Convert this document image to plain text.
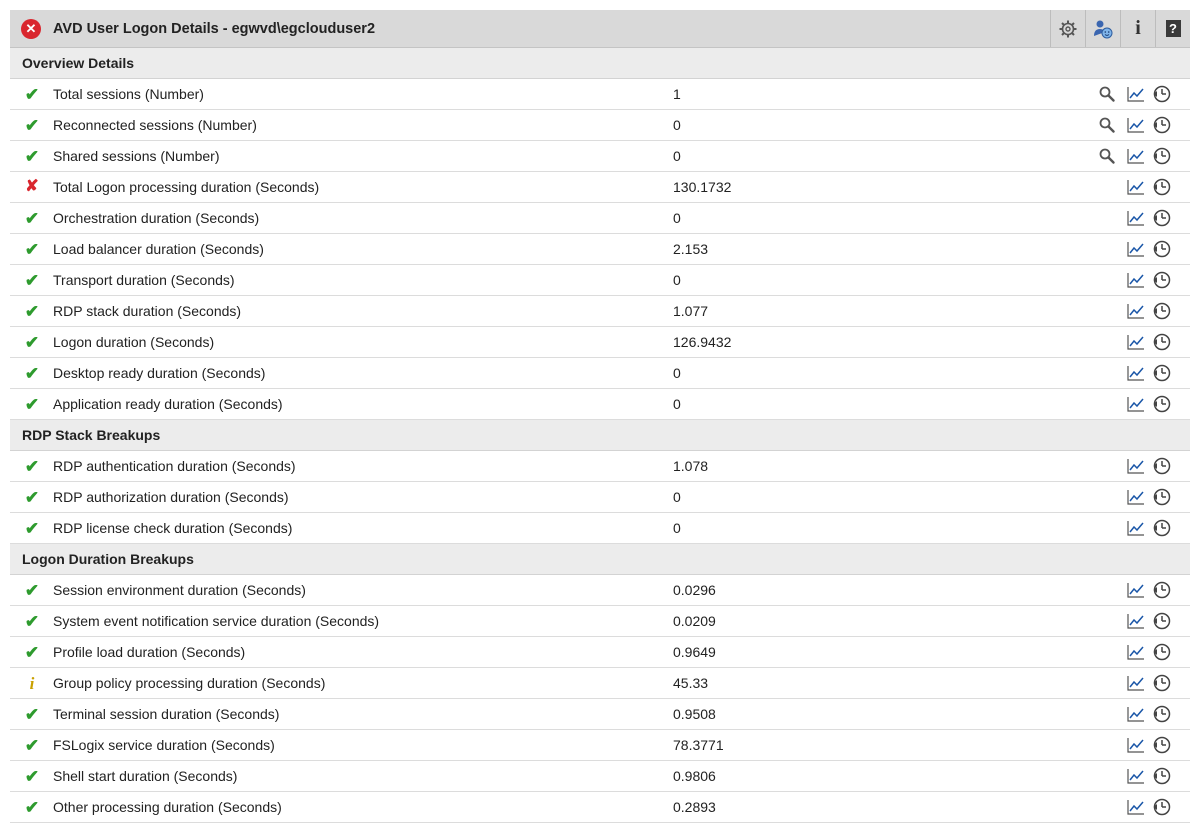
✕	AVD User Logon Details - egwvd\egclouduser2	i ?
Overview Details
✔ Total sessions (Number)	1
✔ Reconnected sessions (Number)	0
✔ Shared sessions (Number)	0
✘ Total Logon processing duration (Seconds)	130.1732
✔ Orchestration duration (Seconds)	0
✔ Load balancer duration (Seconds)	2.153
✔ Transport duration (Seconds)	0
✔ RDP stack duration (Seconds)	1.077
✔ Logon duration (Seconds)	126.9432
✔ Desktop ready duration (Seconds)	0
✔ Application ready duration (Seconds)	0
RDP Stack Breakups
✔ RDP authentication duration (Seconds)	1.078
✔ RDP authorization duration (Seconds)	0
✔ RDP license check duration (Seconds)	0
Logon Duration Breakups
✔ Session environment duration (Seconds)	0.0296
✔ System event notification service duration (Seconds)	0.0209
✔ Profile load duration (Seconds)	0.9649
i	Group policy processing duration (Seconds)	45.33
✔ Terminal session duration (Seconds)	0.9508
✔ FSLogix service duration (Seconds)	78.3771
✔ Shell start duration (Seconds)	0.9806
✔ Other processing duration (Seconds)	0.2893
